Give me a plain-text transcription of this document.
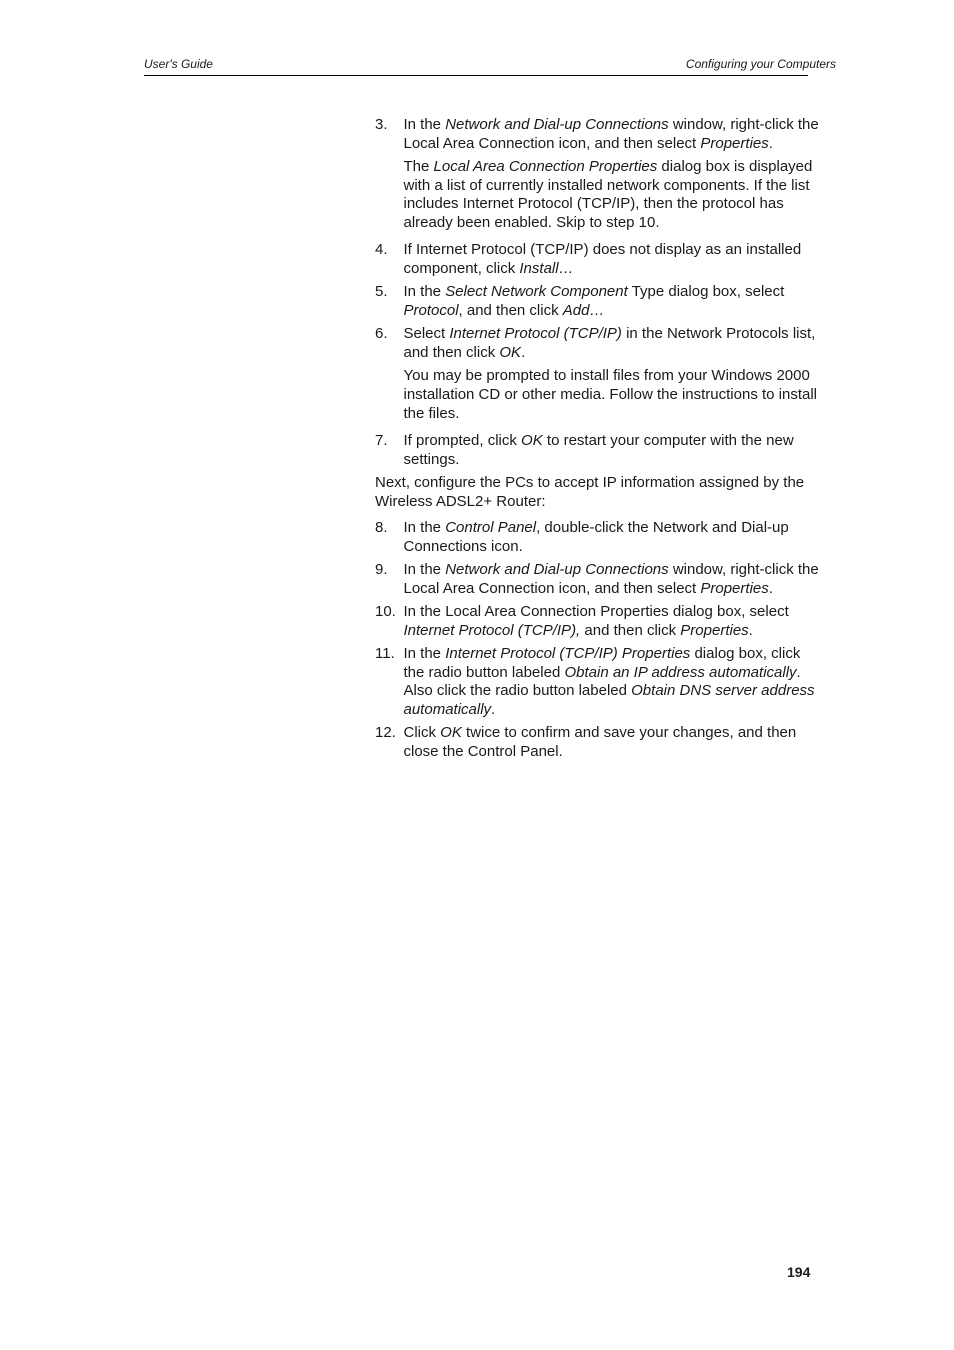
User's Guide	Configuring your Computers
3. In the Network and Dial-up Connections window, right-click the Local Area Connection icon, and then select Properties.
The Local Area Connection Properties dialog box is displayed with a list of currently installed network components. If the list includes Internet Protocol (TCP/IP), then the protocol has already been enabled. Skip to step 10.
4. If Internet Protocol (TCP/IP) does not display as an installed component, click Install…
5. In the Select Network Component Type dialog box, select Protocol, and then click Add…
6. Select Internet Protocol (TCP/IP) in the Network Protocols list, and then click OK.
You may be prompted to install files from your Windows 2000 installation CD or other media. Follow the instructions to install the files.
7. If prompted, click OK to restart your computer with the new settings.
Next, configure the PCs to accept IP information assigned by the Wireless ADSL2+ Router:
8. In the Control Panel, double-click the Network and Dial-up Connections icon.
9. In the Network and Dial-up Connections window, right-click the Local Area Connection icon, and then select Properties.
10. In the Local Area Connection Properties dialog box, select Internet Protocol (TCP/IP), and then click Properties.
11. In the Internet Protocol (TCP/IP) Properties dialog box, click the radio button labeled Obtain an IP address automatically. Also click the radio button labeled Obtain DNS server address automatically.
12. Click OK twice to confirm and save your changes, and then close the Control Panel.
194
